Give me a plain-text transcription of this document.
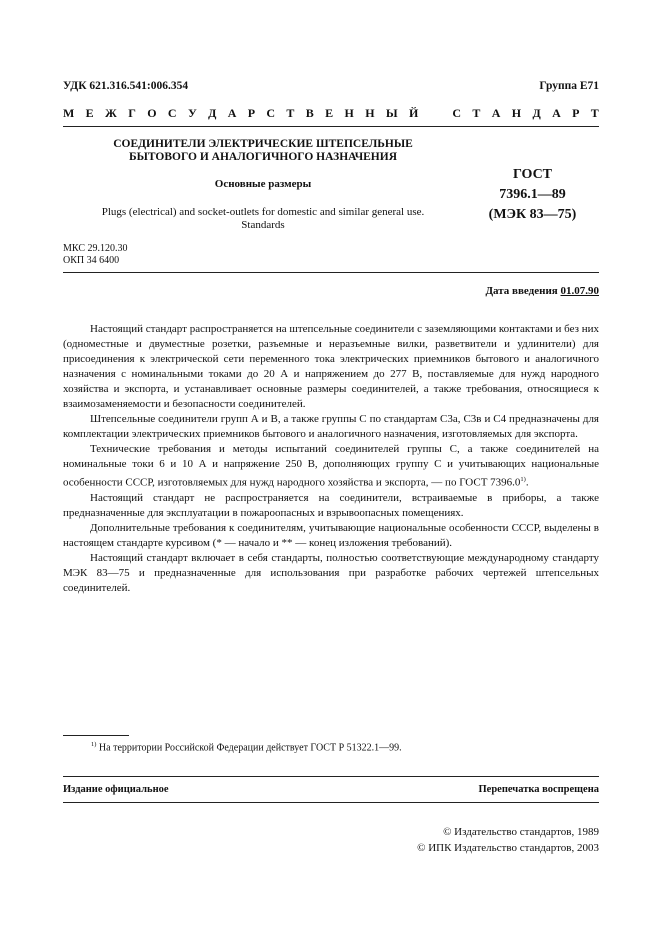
УДК 621.316.541:006.354	Группа Е71
М Е Ж Г О С У Д А Р С Т В Е Н Н Ы Й	С Т А Н Д А Р Т
СОЕДИНИТЕЛИ ЭЛЕКТРИЧЕСКИЕ ШТЕПСЕЛЬНЫЕ
БЫТОВОГО И АНАЛОГИЧНОГО НАЗНАЧЕНИЯ
Основные размеры
Plugs (electrical) and socket-outlets for domestic and similar general use.
Standards
ГОСТ
7396.1—89
(МЭК 83—75)
МКС 29.120.30
ОКП 34 6400
Дата введения 01.07.90

Настоящий стандарт распространяется на штепсельные соединители с заземляющими контактами и без них (одноместные и двуместные розетки, разъемные и неразъемные вилки, разветвители и удлинители) для присоединения к электрической сети переменного тока электрических приемников бытового и аналогичного назначения с номинальными токами до 20 А и напряжением до 277 В, поставляемые для нужд народного хозяйства и экспорта, и устанавливает основные размеры соединителей, а также требования, относящиеся к взаимозаменяемости и безопасности соединителей.

Штепсельные соединители групп А и В, а также группы С по стандартам С3а, С3в и С4 предназначены для комплектации электрических приемников бытового и аналогичного назначения, изготовляемых для экспорта.

Технические требования и методы испытаний соединителей группы С, а также соединителей на номинальные токи 6 и 10 А и напряжение 250 В, дополняющих группу С и учитывающих национальные особенности СССР, изготовляемых для нужд народного хозяйства и экспорта, — по ГОСТ 7396.0$^{1)}$.

Настоящий стандарт не распространяется на соединители, встраиваемые в приборы, а также предназначенные для эксплуатации в пожароопасных и взрывоопасных помещениях.

Дополнительные требования к соединителям, учитывающие национальные особенности СССР, выделены в настоящем стандарте курсивом (* — начало и ** — конец изложения требований).

Настоящий стандарт включает в себя стандарты, полностью соответствующие международному стандарту МЭК 83—75 и предназначенные для использования при разработке рабочих чертежей штепсельных соединителей.

$^{1)}$ На территории Российской Федерации действует ГОСТ Р 51322.1—99.
Издание официальное	Перепечатка воспрещена
© Издательство стандартов, 1989
© ИПК Издательство стандартов, 2003
